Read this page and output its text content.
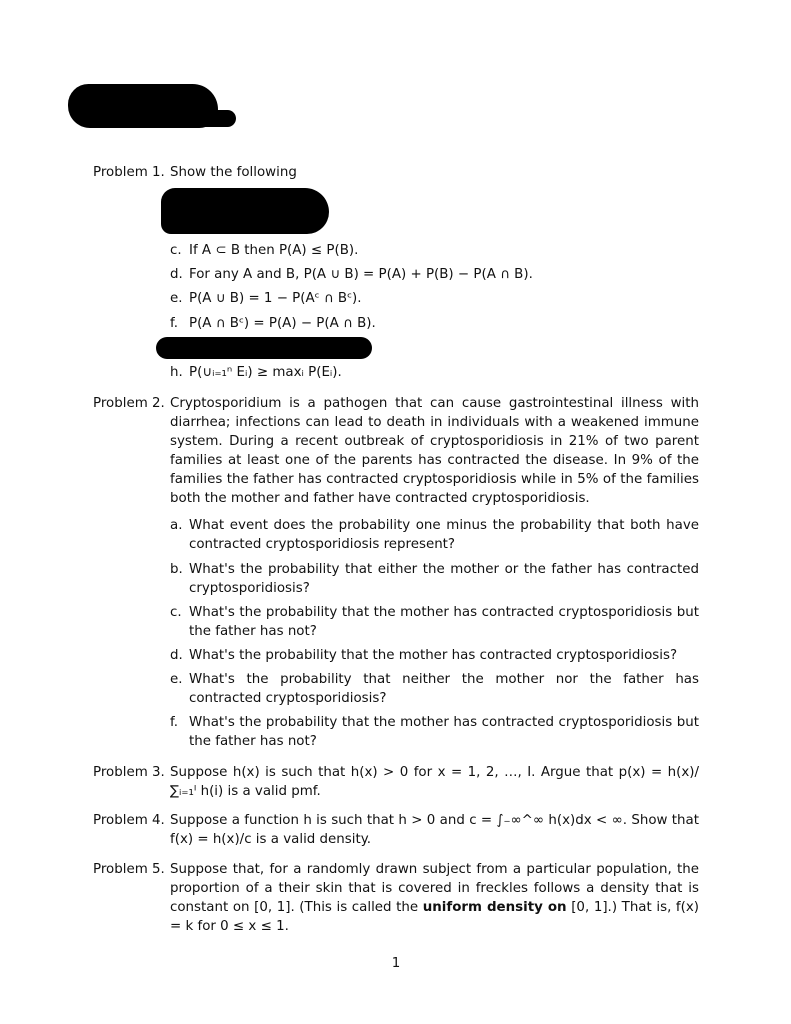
Problem 1. Show the following
c. If A ⊂ B then P(A) ≤ P(B).
d. For any A and B, P(A ∪ B) = P(A) + P(B) − P(A ∩ B).
e. P(A ∪ B) = 1 − P(Aᶜ ∩ Bᶜ).
f. P(A ∩ Bᶜ) = P(A) − P(A ∩ B).
h. P(∪ᵢ₌₁ⁿ Eᵢ) ≥ maxᵢ P(Eᵢ).
Problem 2. Cryptosporidium is a pathogen that can cause gastrointestinal illness with diarrhea; infections can lead to death in individuals with a weakened immune system. During a recent outbreak of cryptosporidiosis in 21% of two parent families at least one of the parents has contracted the disease. In 9% of the families the father has contracted cryptosporidiosis while in 5% of the families both the mother and father have contracted cryptosporidiosis.
a. What event does the probability one minus the probability that both have contracted cryptosporidiosis represent?
b. What's the probability that either the mother or the father has contracted cryptosporidiosis?
c. What's the probability that the mother has contracted cryptosporidiosis but the father has not?
d. What's the probability that the mother has contracted cryptosporidiosis?
e. What's the probability that neither the mother nor the father has contracted cryptosporidiosis?
f. What's the probability that the mother has contracted cryptosporidiosis but the father has not?
Problem 3. Suppose h(x) is such that h(x) > 0 for x = 1, 2, …, I. Argue that p(x) = h(x)/∑ᵢ₌₁ᴵ h(i) is a valid pmf.
Problem 4. Suppose a function h is such that h > 0 and c = ∫₋∞^∞ h(x)dx < ∞. Show that f(x) = h(x)/c is a valid density.
Problem 5. Suppose that, for a randomly drawn subject from a particular population, the proportion of a their skin that is covered in freckles follows a density that is constant on [0, 1]. (This is called the uniform density on [0, 1].) That is, f(x) = k for 0 ≤ x ≤ 1.
1
